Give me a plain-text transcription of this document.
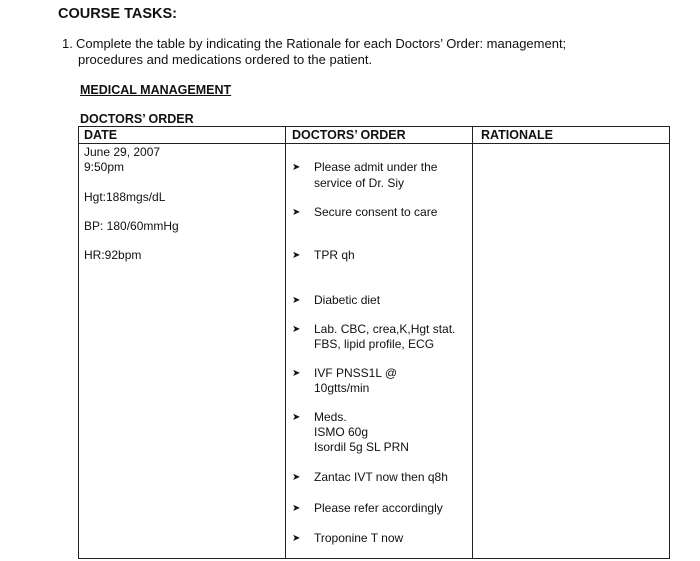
COURSE TASKS:
1. Complete the table by indicating the Rationale for each Doctors’ Order: management;
procedures and medications ordered to the patient.
MEDICAL MANAGEMENT
DOCTORS’ ORDER
DATE	DOCTORS’ ORDER	RATIONALE
June 29, 2007
9:50pm
Hgt:188mgs/dL
BP: 180/60mmHg
HR:92bpm
➤ Please admit under the
service of Dr. Siy
➤ Secure consent to care
➤ TPR qh
➤ Diabetic diet
➤ Lab. CBC, crea,K,Hgt stat.
FBS, lipid profile, ECG
➤ IVF PNSS1L @
10gtts/min
➤ Meds.
ISMO 60g
Isordil 5g SL PRN
➤ Zantac IVT now then q8h
➤ Please refer accordingly
➤ Troponine T now
